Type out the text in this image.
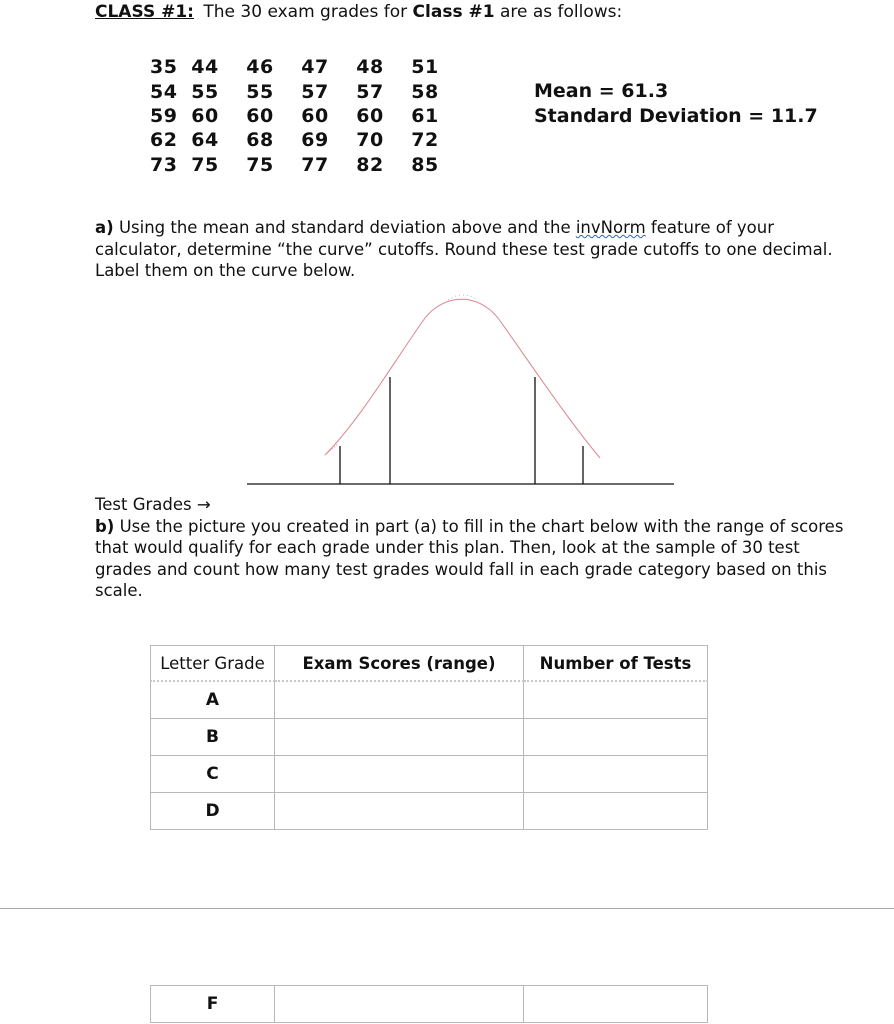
CLASS #1: The 30 exam grades for Class #1 are as follows:
35	44	46	47	48	51
54	55	55	57	57	58
59	60	60	60	60	61
62	64	68	69	70	72
73	75	75	77	82	85
Mean = 61.3
Standard Deviation = 11.7
a) Using the mean and standard deviation above and the invNorm feature of your calculator, determine “the curve” cutoffs. Round these test grade cutoffs to one decimal. Label them on the curve below.
Test Grades →
b) Use the picture you created in part (a) to fill in the chart below with the range of scores that would qualify for each grade under this plan. Then, look at the sample of 30 test grades and count how many test grades would fall in each grade category based on this scale.
Letter Grade	Exam Scores (range)	Number of Tests
A		
B		
C		
D		
F		
